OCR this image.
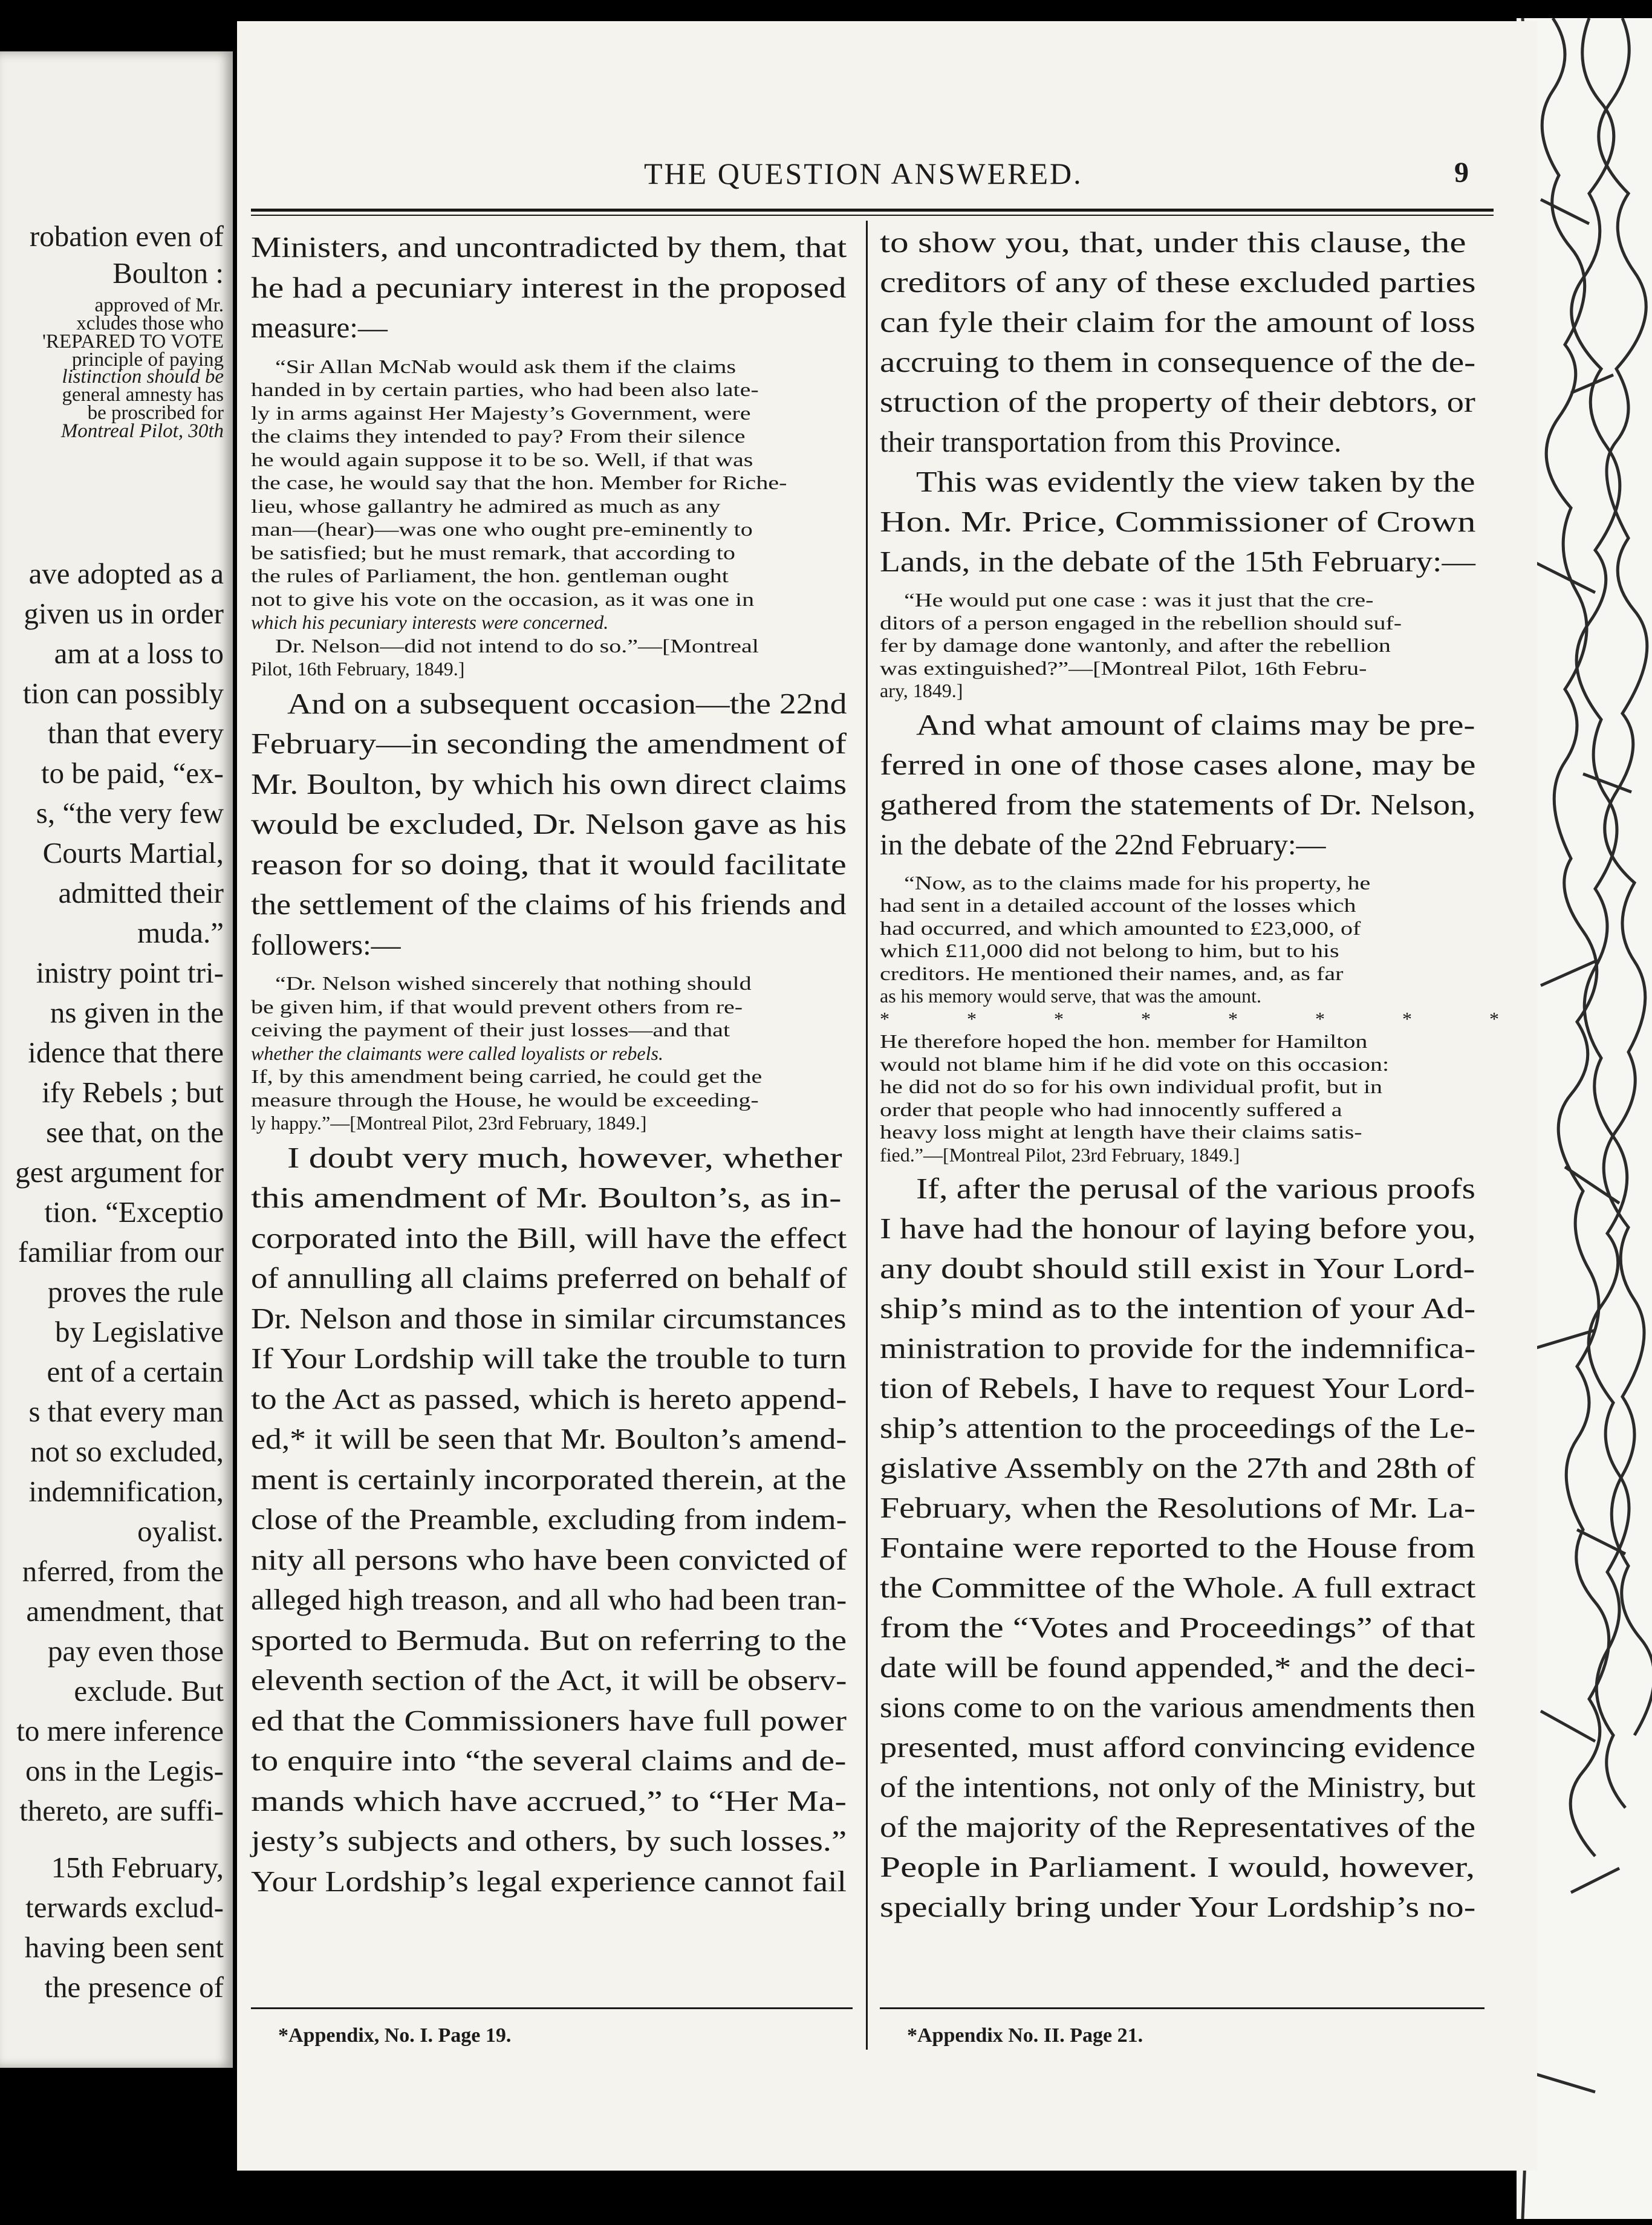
robation even of
Boulton :
approved of Mr.
xcludes those who
'REPARED TO VOTE
principle of paying
listinction should be
general amnesty has
be proscribed for
Montreal Pilot, 30th
ave adopted as a
given us in order
am at a loss to
tion can possibly
than that every
to be paid, “ex-
s, “the very few
Courts Martial,
admitted their
muda.”
inistry point tri-
ns given in the
idence that there
ify Rebels ; but
see that, on the
gest argument for
tion. “Exceptio
familiar from our
proves the rule
by Legislative
ent of a certain
s that every man
not so excluded,
indemnification,
oyalist.
nferred, from the
amendment, that
pay even those
exclude. But
to mere inference
ons in the Legis-
thereto, are suffi-
15th February,
terwards exclud-
having been sent
the presence of
THE QUESTION ANSWERED.	9
Ministers, and uncontradicted by them, that
he had a pecuniary interest in the proposed
measure:—
“Sir Allan McNab would ask them if the claims
handed in by certain parties, who had been also late-
ly in arms against Her Majesty’s Government, were
the claims they intended to pay? From their silence
he would again suppose it to be so. Well, if that was
the case, he would say that the hon. Member for Riche-
lieu, whose gallantry he admired as much as any
man—(hear)—was one who ought pre-eminently to
be satisfied; but he must remark, that according to
the rules of Parliament, the hon. gentleman ought
not to give his vote on the occasion, as it was one in
which his pecuniary interests were concerned.
Dr. Nelson—did not intend to do so.”—[Montreal
Pilot, 16th February, 1849.]
And on a subsequent occasion—the 22nd
February—in seconding the amendment of
Mr. Boulton, by which his own direct claims
would be excluded, Dr. Nelson gave as his
reason for so doing, that it would facilitate
the settlement of the claims of his friends and
followers:—
“Dr. Nelson wished sincerely that nothing should
be given him, if that would prevent others from re-
ceiving the payment of their just losses—and that
whether the claimants were called loyalists or rebels.
If, by this amendment being carried, he could get the
measure through the House, he would be exceeding-
ly happy.”—[Montreal Pilot, 23rd February, 1849.]
I doubt very much, however, whether
this amendment of Mr. Boulton’s, as in-
corporated into the Bill, will have the effect
of annulling all claims preferred on behalf of
Dr. Nelson and those in similar circumstances
If Your Lordship will take the trouble to turn
to the Act as passed, which is hereto append-
ed,* it will be seen that Mr. Boulton’s amend-
ment is certainly incorporated therein, at the
close of the Preamble, excluding from indem-
nity all persons who have been convicted of
alleged high treason, and all who had been tran-
sported to Bermuda. But on referring to the
eleventh section of the Act, it will be observ-
ed that the Commissioners have full power
to enquire into “the several claims and de-
mands which have accrued,” to “Her Ma-
jesty’s subjects and others, by such losses.”
Your Lordship’s legal experience cannot fail
to show you, that, under this clause, the
creditors of any of these excluded parties
can fyle their claim for the amount of loss
accruing to them in consequence of the de-
struction of the property of their debtors, or
their transportation from this Province.
This was evidently the view taken by the
Hon. Mr. Price, Commissioner of Crown
Lands, in the debate of the 15th February:—
“He would put one case : was it just that the cre-
ditors of a person engaged in the rebellion should suf-
fer by damage done wantonly, and after the rebellion
was extinguished?”—[Montreal Pilot, 16th Febru-
ary, 1849.]
And what amount of claims may be pre-
ferred in one of those cases alone, may be
gathered from the statements of Dr. Nelson,
in the debate of the 22nd February:—
“Now, as to the claims made for his property, he
had sent in a detailed account of the losses which
had occurred, and which amounted to £23,000, of
which £11,000 did not belong to him, but to his
creditors. He mentioned their names, and, as far
as his memory would serve, that was the amount.
* * * * * * * *
He therefore hoped the hon. member for Hamilton
would not blame him if he did vote on this occasion:
he did not do so for his own individual profit, but in
order that people who had innocently suffered a
heavy loss might at length have their claims satis-
fied.”—[Montreal Pilot, 23rd February, 1849.]
If, after the perusal of the various proofs
I have had the honour of laying before you,
any doubt should still exist in Your Lord-
ship’s mind as to the intention of your Ad-
ministration to provide for the indemnifica-
tion of Rebels, I have to request Your Lord-
ship’s attention to the proceedings of the Le-
gislative Assembly on the 27th and 28th of
February, when the Resolutions of Mr. La-
Fontaine were reported to the House from
the Committee of the Whole. A full extract
from the “Votes and Proceedings” of that
date will be found appended,* and the deci-
sions come to on the various amendments then
presented, must afford convincing evidence
of the intentions, not only of the Ministry, but
of the majority of the Representatives of the
People in Parliament. I would, however,
specially bring under Your Lordship’s no-
*Appendix, No. I. Page 19.	*Appendix No. II. Page 21.
